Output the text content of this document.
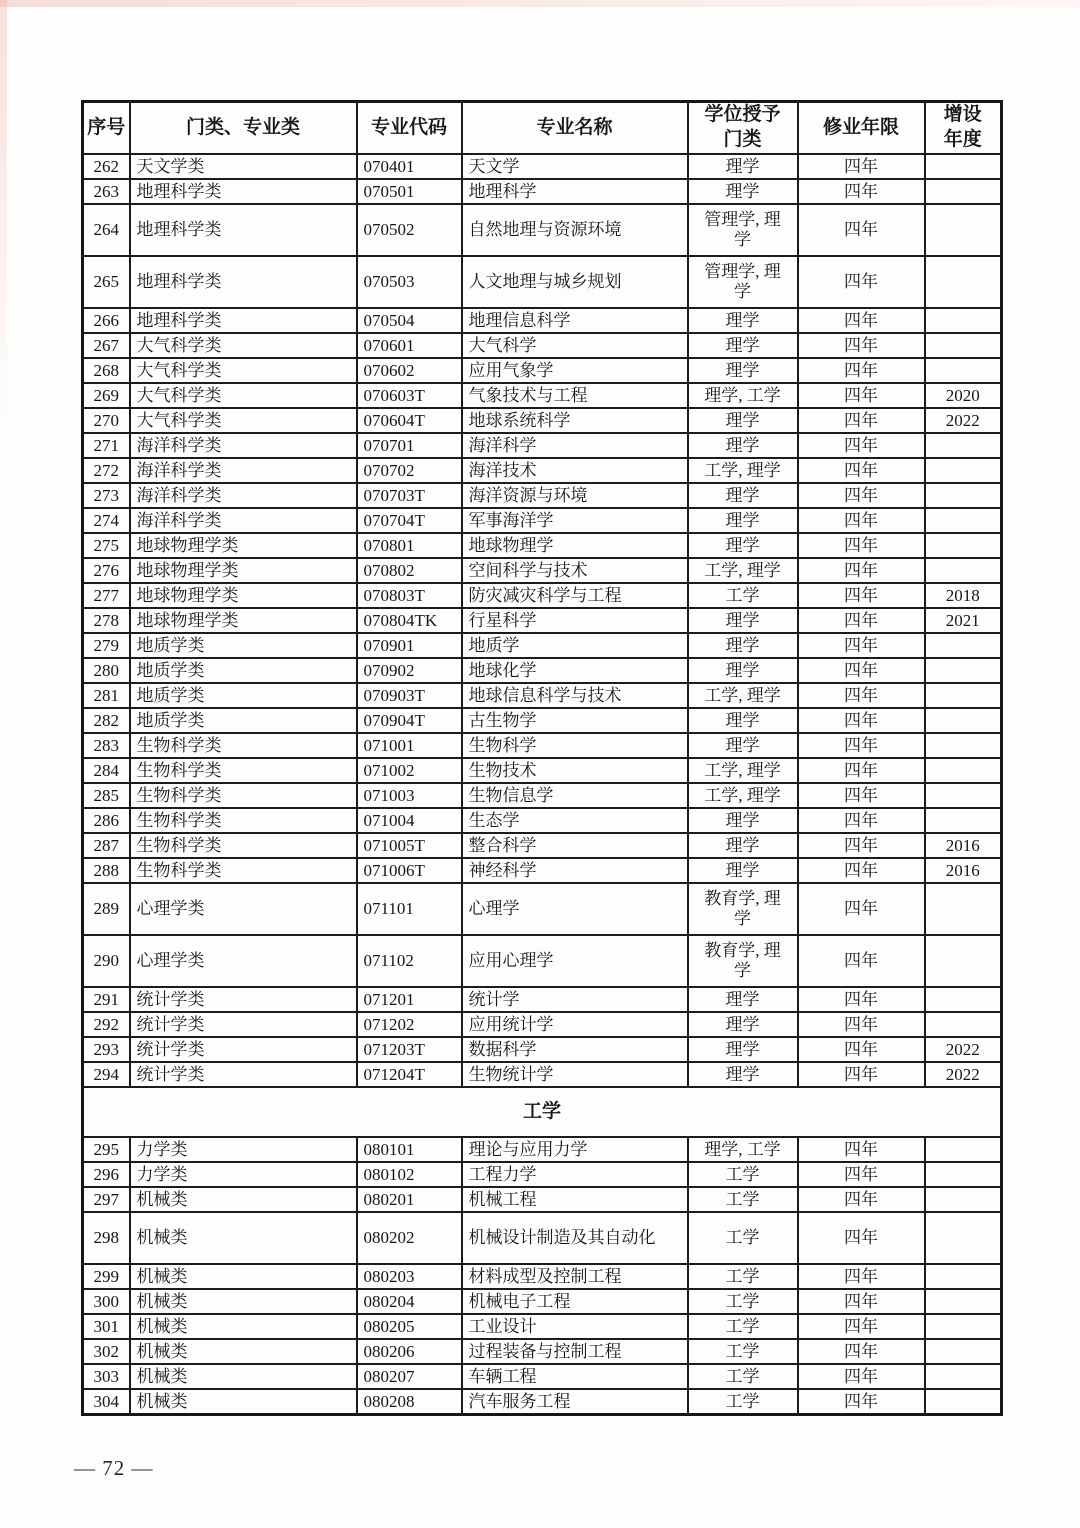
序号	门类、专业类	专业代码	专业名称	学位授予门类	修业年限	增设年度
262	天文学类	070401	天文学	理学	四年	
263	地理科学类	070501	地理科学	理学	四年	
264	地理科学类	070502	自然地理与资源环境	管理学, 理学	四年	
265	地理科学类	070503	人文地理与城乡规划	管理学, 理学	四年	
266	地理科学类	070504	地理信息科学	理学	四年	
267	大气科学类	070601	大气科学	理学	四年	
268	大气科学类	070602	应用气象学	理学	四年	
269	大气科学类	070603T	气象技术与工程	理学, 工学	四年	2020
270	大气科学类	070604T	地球系统科学	理学	四年	2022
271	海洋科学类	070701	海洋科学	理学	四年	
272	海洋科学类	070702	海洋技术	工学, 理学	四年	
273	海洋科学类	070703T	海洋资源与环境	理学	四年	
274	海洋科学类	070704T	军事海洋学	理学	四年	
275	地球物理学类	070801	地球物理学	理学	四年	
276	地球物理学类	070802	空间科学与技术	工学, 理学	四年	
277	地球物理学类	070803T	防灾减灾科学与工程	工学	四年	2018
278	地球物理学类	070804TK	行星科学	理学	四年	2021
279	地质学类	070901	地质学	理学	四年	
280	地质学类	070902	地球化学	理学	四年	
281	地质学类	070903T	地球信息科学与技术	工学, 理学	四年	
282	地质学类	070904T	古生物学	理学	四年	
283	生物科学类	071001	生物科学	理学	四年	
284	生物科学类	071002	生物技术	工学, 理学	四年	
285	生物科学类	071003	生物信息学	工学, 理学	四年	
286	生物科学类	071004	生态学	理学	四年	
287	生物科学类	071005T	整合科学	理学	四年	2016
288	生物科学类	071006T	神经科学	理学	四年	2016
289	心理学类	071101	心理学	教育学, 理学	四年	
290	心理学类	071102	应用心理学	教育学, 理学	四年	
291	统计学类	071201	统计学	理学	四年	
292	统计学类	071202	应用统计学	理学	四年	
293	统计学类	071203T	数据科学	理学	四年	2022
294	统计学类	071204T	生物统计学	理学	四年	2022
工学						
295	力学类	080101	理论与应用力学	理学, 工学	四年	
296	力学类	080102	工程力学	工学	四年	
297	机械类	080201	机械工程	工学	四年	
298	机械类	080202	机械设计制造及其自动化	工学	四年	
299	机械类	080203	材料成型及控制工程	工学	四年	
300	机械类	080204	机械电子工程	工学	四年	
301	机械类	080205	工业设计	工学	四年	
302	机械类	080206	过程装备与控制工程	工学	四年	
303	机械类	080207	车辆工程	工学	四年	
304	机械类	080208	汽车服务工程	工学	四年	
— 72 —
